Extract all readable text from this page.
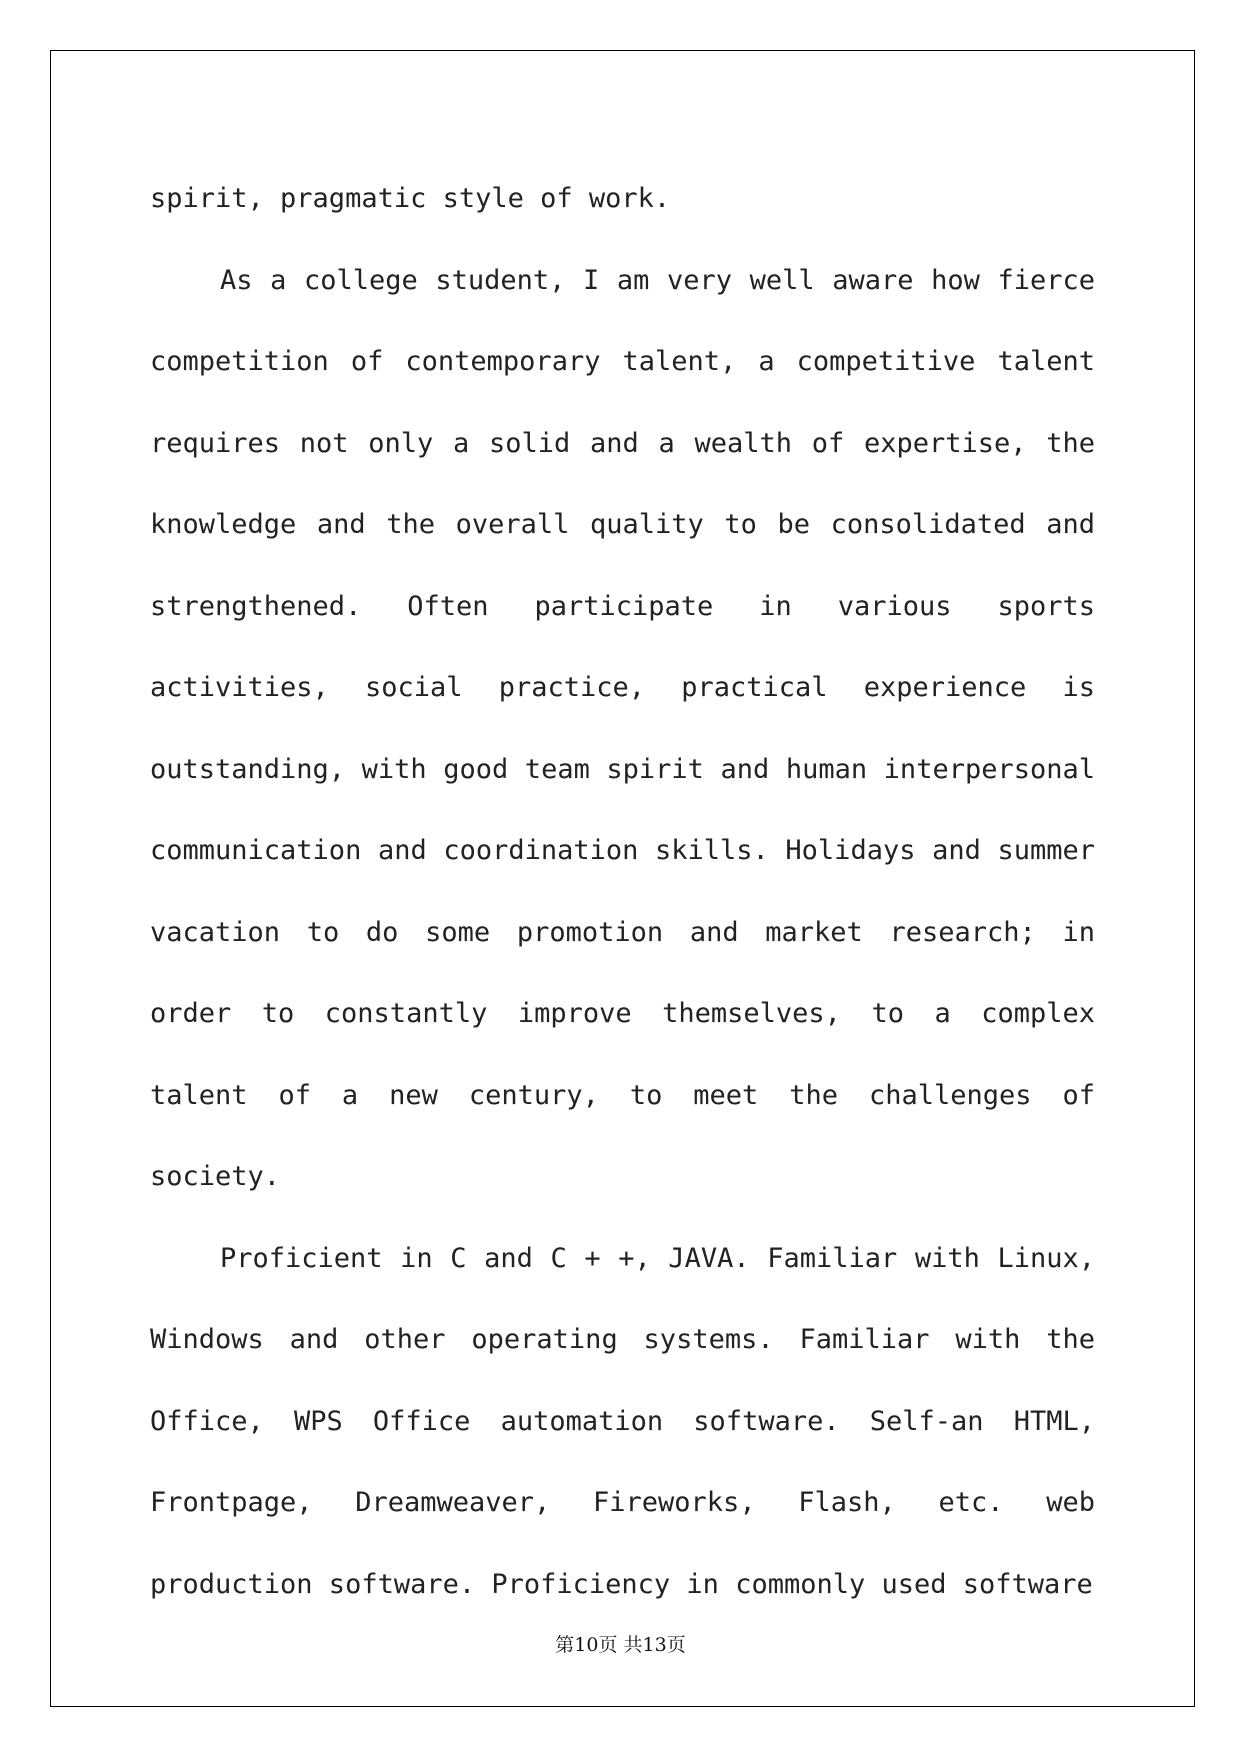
spirit, pragmatic style of work.

As a college student, I am very well aware how fierce competition of contemporary talent, a competitive talent requires not only a solid and a wealth of expertise, the knowledge and the overall quality to be consolidated and strengthened. Often participate in various sports activities, social practice, practical experience is outstanding, with good team spirit and human interpersonal communication and coordination skills. Holidays and summer vacation to do some promotion and market research; in order to constantly improve themselves, to a complex talent of a new century, to meet the challenges of society.

Proficient in C and C + +, JAVA. Familiar with Linux, Windows and other operating systems. Familiar with the Office, WPS Office automation software. Self-an HTML, Frontpage, Dreamweaver, Fireworks, Flash, etc. web production software. Proficiency in commonly used software

第10页 共13页
